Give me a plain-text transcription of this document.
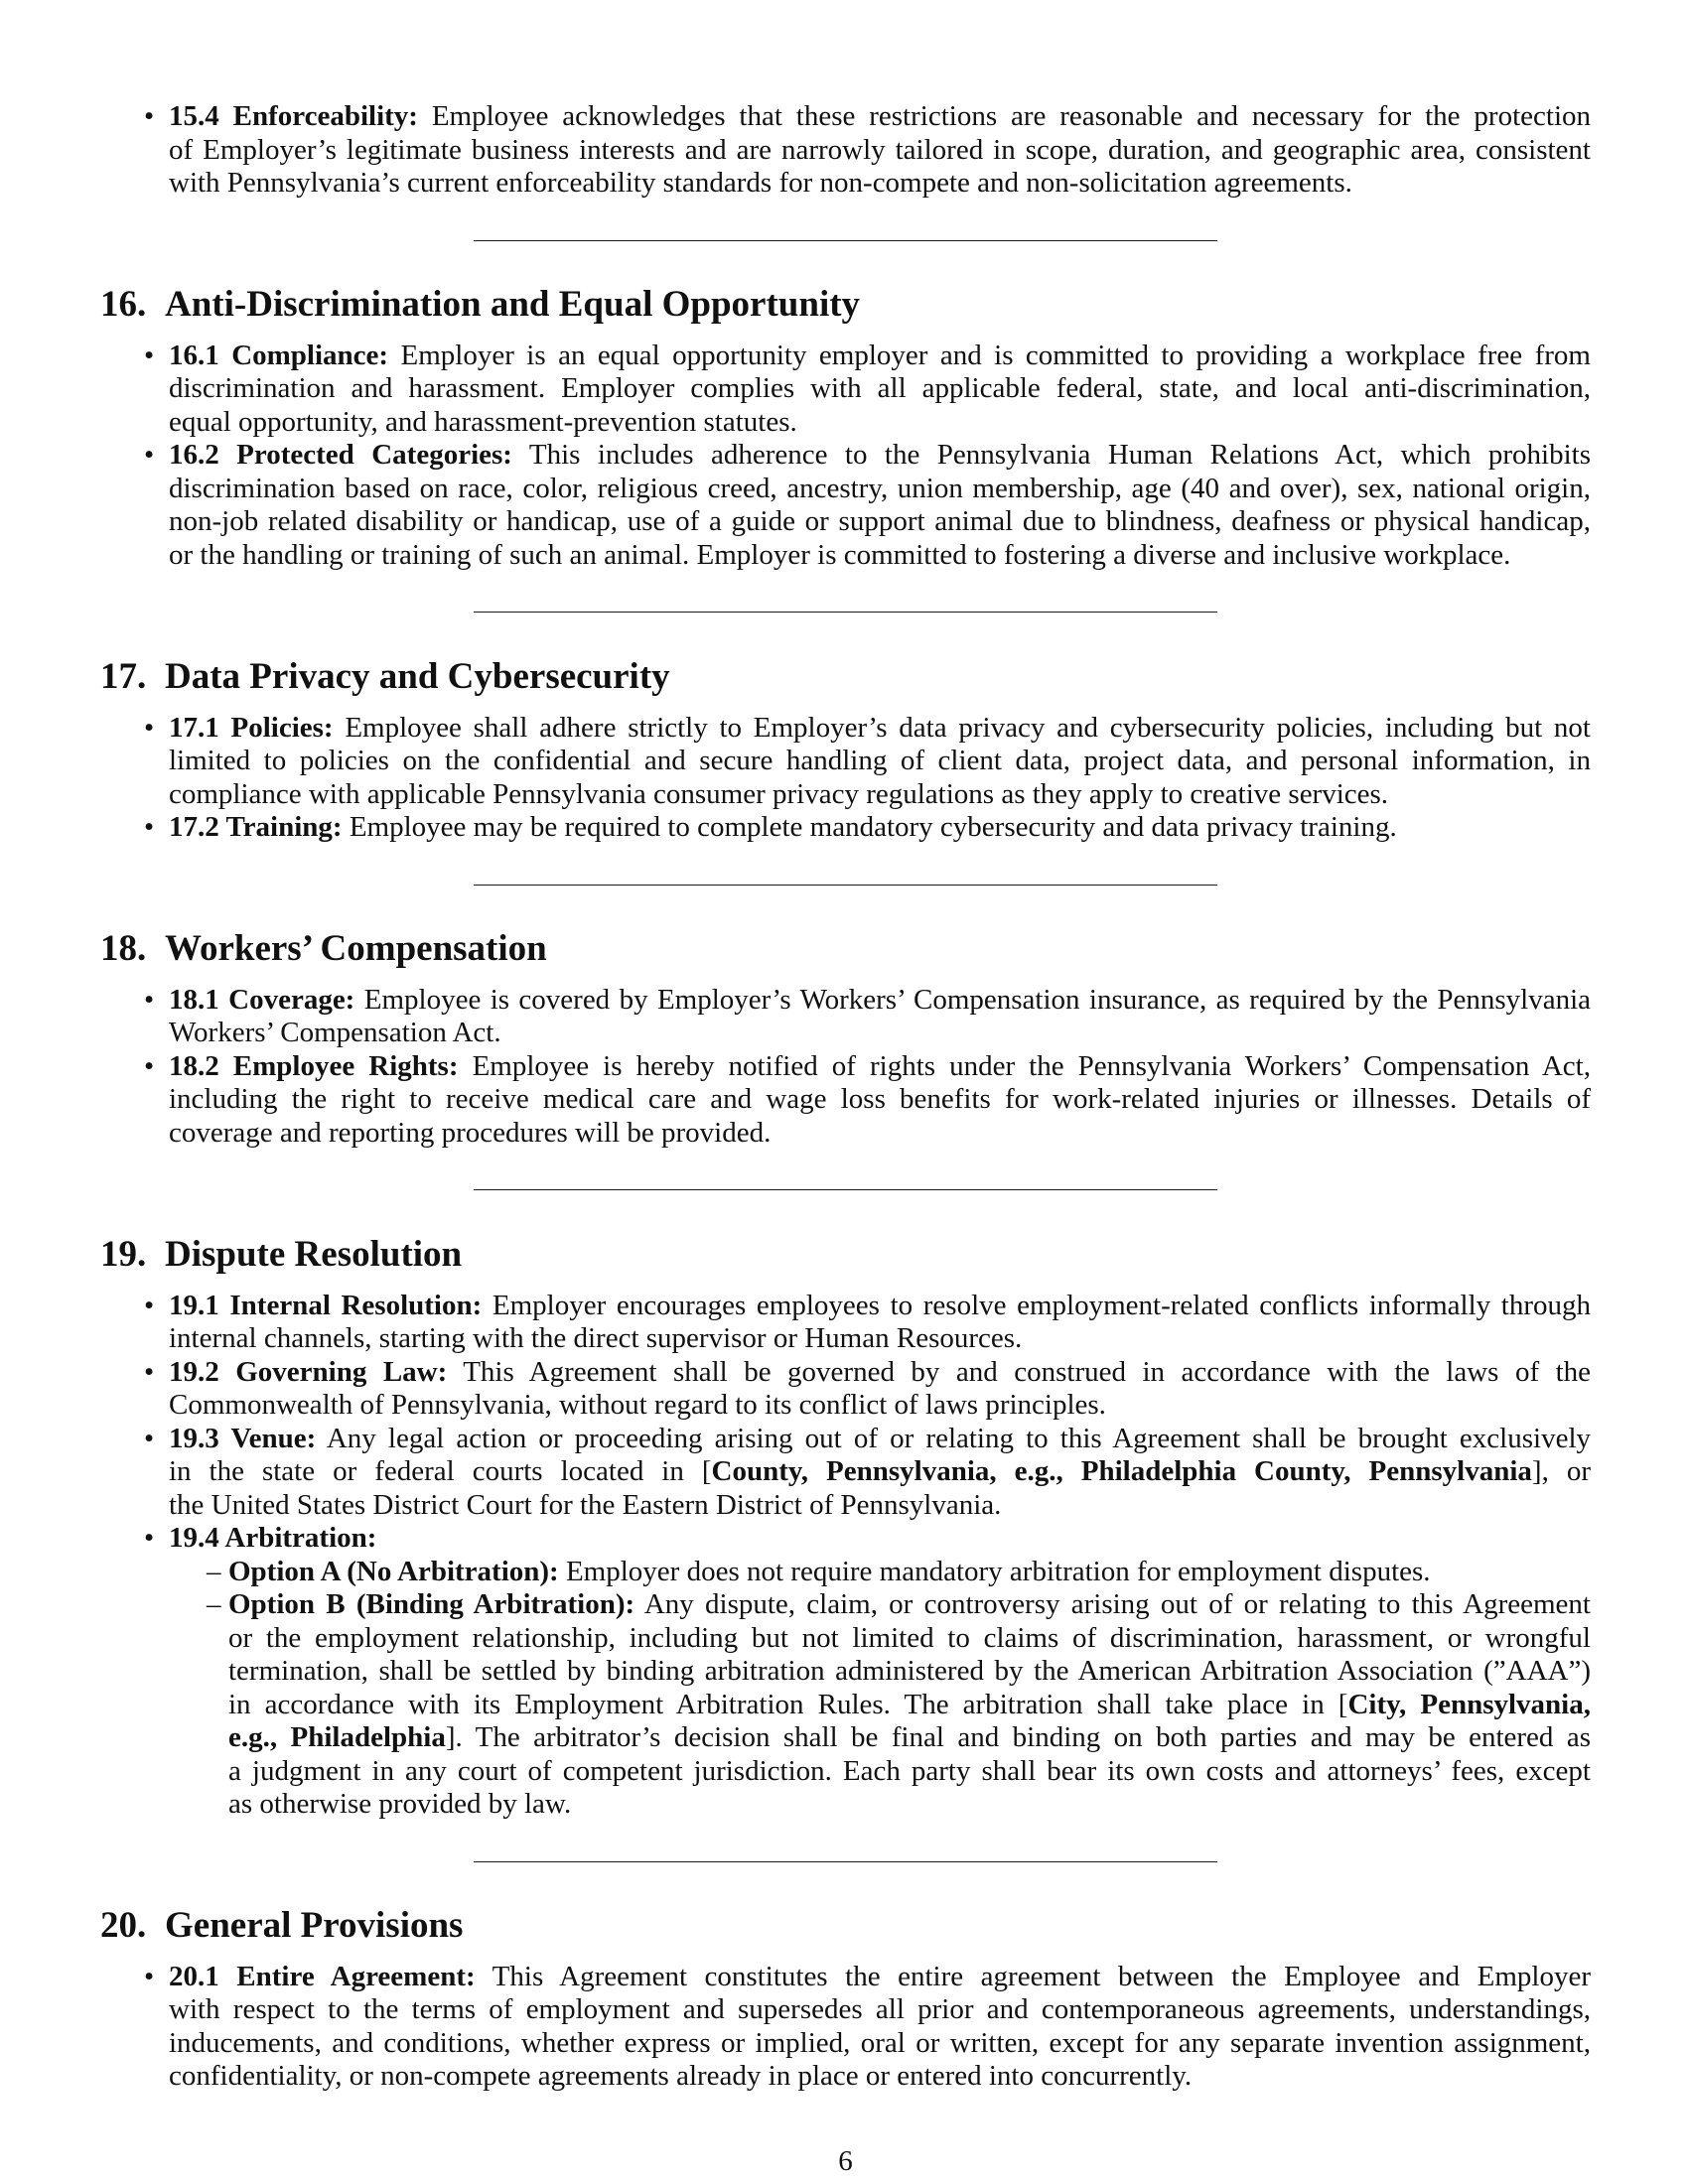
• 15.4 Enforceability: Employee acknowledges that these restrictions are reasonable and necessary for the protection
of Employer’s legitimate business interests and are narrowly tailored in scope, duration, and geographic area, consistent
with Pennsylvania’s current enforceability standards for non-compete and non-solicitation agreements.
16. Anti-Discrimination and Equal Opportunity
• 16.1 Compliance: Employer is an equal opportunity employer and is committed to providing a workplace free from
discrimination and harassment. Employer complies with all applicable federal, state, and local anti-discrimination,
equal opportunity, and harassment-prevention statutes.
• 16.2 Protected Categories: This includes adherence to the Pennsylvania Human Relations Act, which prohibits
discrimination based on race, color, religious creed, ancestry, union membership, age (40 and over), sex, national origin,
non-job related disability or handicap, use of a guide or support animal due to blindness, deafness or physical handicap,
or the handling or training of such an animal. Employer is committed to fostering a diverse and inclusive workplace.
17. Data Privacy and Cybersecurity
• 17.1 Policies: Employee shall adhere strictly to Employer’s data privacy and cybersecurity policies, including but not
limited to policies on the confidential and secure handling of client data, project data, and personal information, in
compliance with applicable Pennsylvania consumer privacy regulations as they apply to creative services.
• 17.2 Training: Employee may be required to complete mandatory cybersecurity and data privacy training.
18. Workers’ Compensation
• 18.1 Coverage: Employee is covered by Employer’s Workers’ Compensation insurance, as required by the Pennsylvania
Workers’ Compensation Act.
• 18.2 Employee Rights: Employee is hereby notified of rights under the Pennsylvania Workers’ Compensation Act,
including the right to receive medical care and wage loss benefits for work-related injuries or illnesses. Details of
coverage and reporting procedures will be provided.
19. Dispute Resolution
• 19.1 Internal Resolution: Employer encourages employees to resolve employment-related conflicts informally through
internal channels, starting with the direct supervisor or Human Resources.
• 19.2 Governing Law: This Agreement shall be governed by and construed in accordance with the laws of the
Commonwealth of Pennsylvania, without regard to its conflict of laws principles.
• 19.3 Venue: Any legal action or proceeding arising out of or relating to this Agreement shall be brought exclusively
in the state or federal courts located in [County, Pennsylvania, e.g., Philadelphia County, Pennsylvania], or
the United States District Court for the Eastern District of Pennsylvania.
• 19.4 Arbitration:
– Option A (No Arbitration): Employer does not require mandatory arbitration for employment disputes.
– Option B (Binding Arbitration): Any dispute, claim, or controversy arising out of or relating to this Agreement
or the employment relationship, including but not limited to claims of discrimination, harassment, or wrongful
termination, shall be settled by binding arbitration administered by the American Arbitration Association (”AAA”)
in accordance with its Employment Arbitration Rules. The arbitration shall take place in [City, Pennsylvania,
e.g., Philadelphia]. The arbitrator’s decision shall be final and binding on both parties and may be entered as
a judgment in any court of competent jurisdiction. Each party shall bear its own costs and attorneys’ fees, except
as otherwise provided by law.
20. General Provisions
• 20.1 Entire Agreement: This Agreement constitutes the entire agreement between the Employee and Employer
with respect to the terms of employment and supersedes all prior and contemporaneous agreements, understandings,
inducements, and conditions, whether express or implied, oral or written, except for any separate invention assignment,
confidentiality, or non-compete agreements already in place or entered into concurrently.
6
